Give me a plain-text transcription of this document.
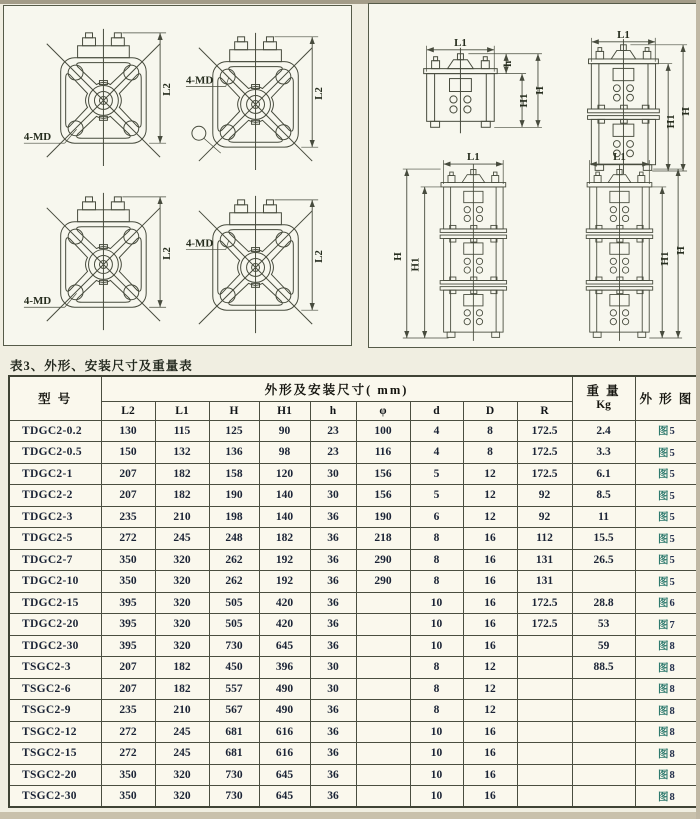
L2
4-MD
L2
4-MD
L2
4-MD
L2
4-MD
L1
h
H1
H
L1
H1
H
L1
H
H1
L1
H1
H
表3、外形、安装尺寸及重量表
型 号	外形及安装尺寸( mm)									重 量
Kg	外 形 图
	L2	L1	H	H1	h	φ	d	D	R		
TDGC2-0.2	130	115	125	90	23	100	4	8	172.5	2.4	图5
TDGC2-0.5	150	132	136	98	23	116	4	8	172.5	3.3	图5
TDGC2-1	207	182	158	120	30	156	5	12	172.5	6.1	图5
TDGC2-2	207	182	190	140	30	156	5	12	92	8.5	图5
TDGC2-3	235	210	198	140	36	190	6	12	92	11	图5
TDGC2-5	272	245	248	182	36	218	8	16	112	15.5	图5
TDGC2-7	350	320	262	192	36	290	8	16	131	26.5	图5
TDGC2-10	350	320	262	192	36	290	8	16	131		图5
TDGC2-15	395	320	505	420	36		10	16	172.5	28.8	图6
TDGC2-20	395	320	505	420	36		10	16	172.5	53	图7
TDGC2-30	395	320	730	645	36		10	16		59	图8
TSGC2-3	207	182	450	396	30		8	12		88.5	图8
TSGC2-6	207	182	557	490	30		8	12			图8
TSGC2-9	235	210	567	490	36		8	12			图8
TSGC2-12	272	245	681	616	36		10	16			图8
TSGC2-15	272	245	681	616	36		10	16			图8
TSGC2-20	350	320	730	645	36		10	16			图8
TSGC2-30	350	320	730	645	36		10	16			图8
